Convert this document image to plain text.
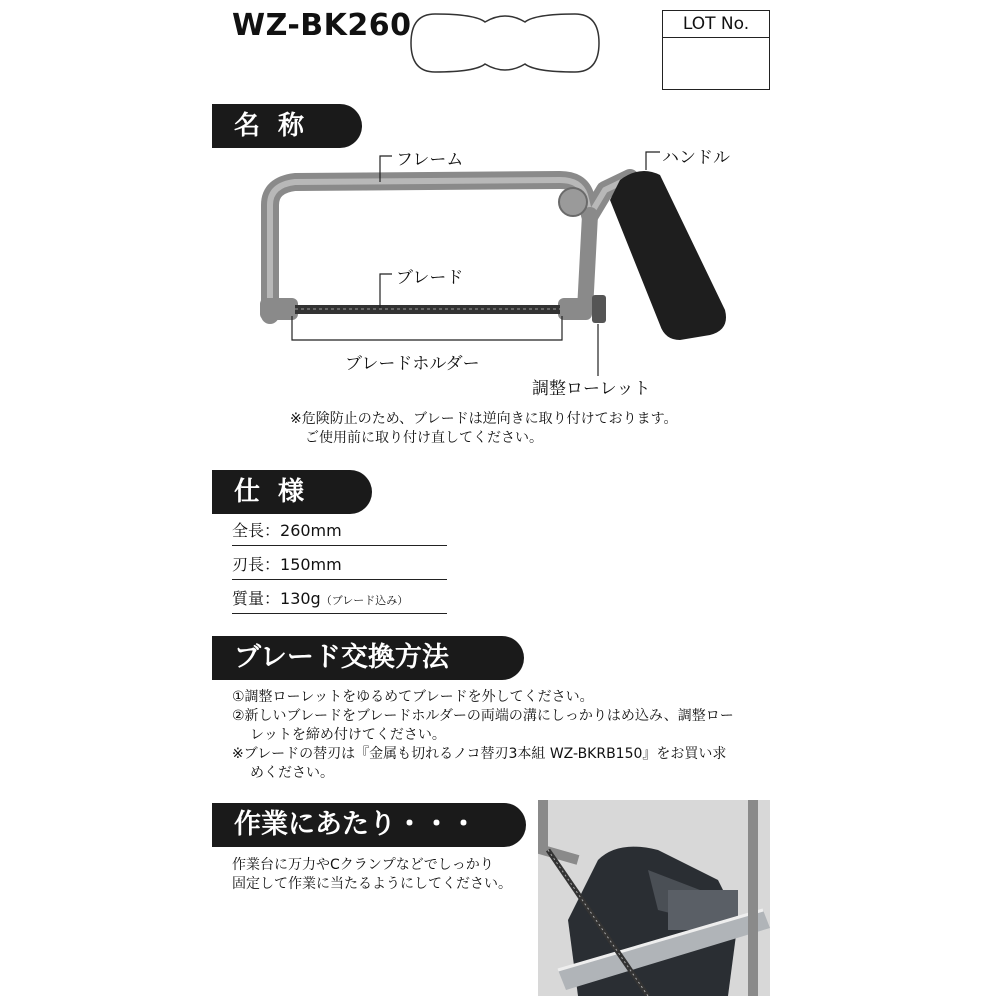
WZ-BK260	LOT No.
名称
フレーム	ハンドル
ブレード
ブレードホルダー
調整ローレット
※危険防止のため、ブレードは逆向きに取り付けております。
ご使用前に取り付け直してください。
仕様
全長：260mm
刃長：150mm
質量：130g（ブレード込み）
ブレード交換方法
①調整ローレットをゆるめてブレードを外してください。
②新しいブレードをブレードホルダーの両端の溝にしっかりはめ込み、調整ロー
レットを締め付けてください。
※ブレードの替刃は『金属も切れるノコ替刃3本組 WZ-BKRB150』をお買い求
めください。
作業にあたり・・・
作業台に万力やCクランプなどでしっかり
固定して作業に当たるようにしてください。
